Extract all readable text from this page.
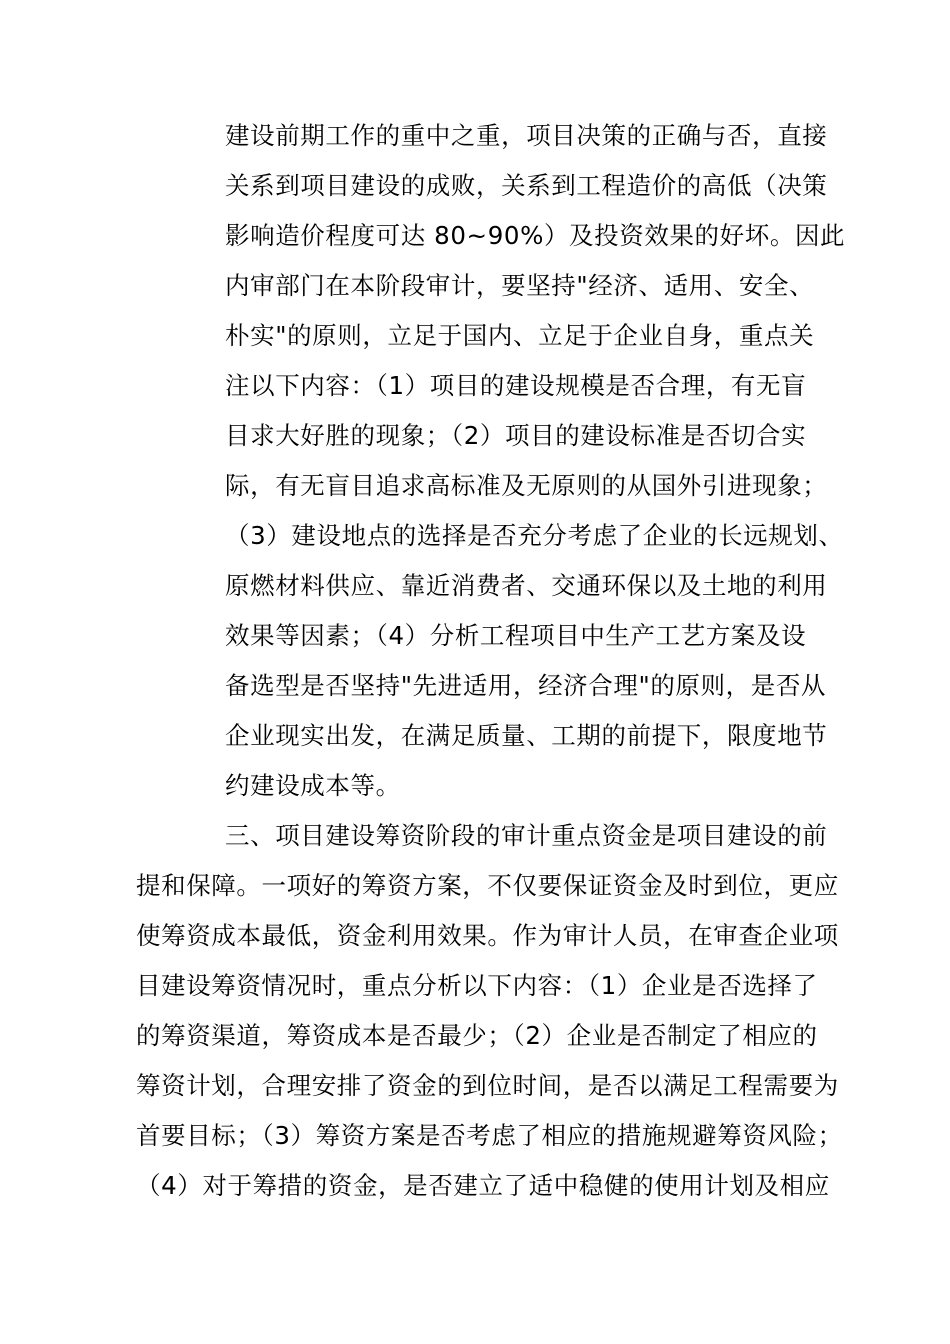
建设前期工作的重中之重，项目决策的正确与否，直接
关系到项目建设的成败，关系到工程造价的高低（决策
影响造价程度可达 80~90%）及投资效果的好坏。因此
内审部门在本阶段审计，要坚持"经济、适用、安全、
朴实"的原则，立足于国内、立足于企业自身，重点关
注以下内容：（1）项目的建设规模是否合理，有无盲
目求大好胜的现象；（2）项目的建设标准是否切合实
际，有无盲目追求高标准及无原则的从国外引进现象；
（3）建设地点的选择是否充分考虑了企业的长远规划、
原燃材料供应、靠近消费者、交通环保以及土地的利用
效果等因素；（4）分析工程项目中生产工艺方案及设
备选型是否坚持"先进适用，经济合理"的原则，是否从
企业现实出发，在满足质量、工期的前提下，限度地节
约建设成本等。
三、项目建设筹资阶段的审计重点资金是项目建设的前
提和保障。一项好的筹资方案，不仅要保证资金及时到位，更应
使筹资成本最低，资金利用效果。作为审计人员，在审查企业项
目建设筹资情况时，重点分析以下内容：（1）企业是否选择了
的筹资渠道，筹资成本是否最少；（2）企业是否制定了相应的
筹资计划，合理安排了资金的到位时间，是否以满足工程需要为
首要目标；（3）筹资方案是否考虑了相应的措施规避筹资风险；
（4）对于筹措的资金，是否建立了适中稳健的使用计划及相应
